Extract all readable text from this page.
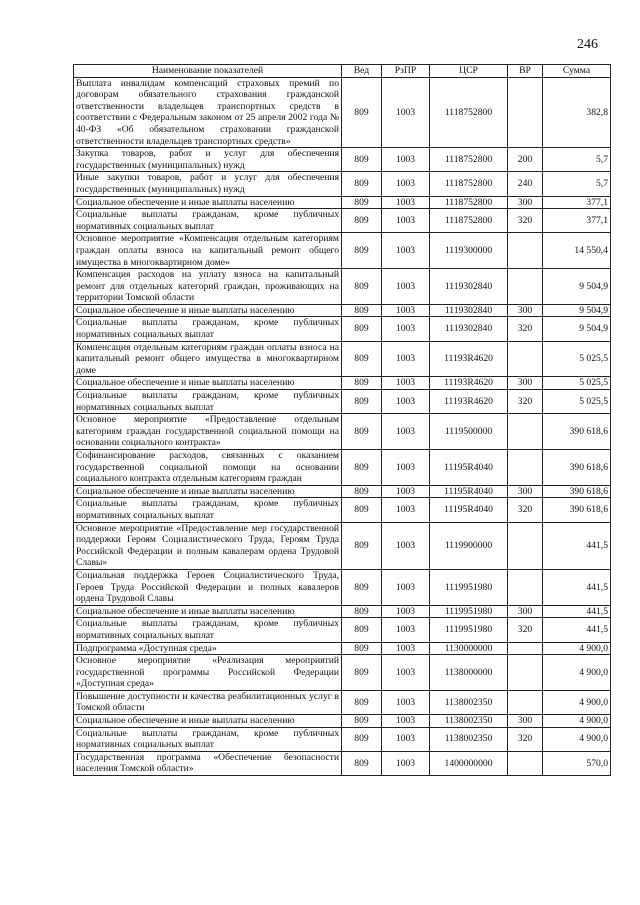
246
Наименование показателей	Вед	РзПР	ЦСР	ВР	Сумма
Выплата инвалидам компенсаций страховых премий по договорам обязательного страхования гражданской ответственности владельцев транспортных средств в соответствии с Федеральным законом от 25 апреля 2002 года № 40-ФЗ «Об обязательном страховании гражданской ответственности владельцев транспортных средств»	809	1003	1118752800		382,8
Закупка товаров, работ и услуг для обеспечения государственных (муниципальных) нужд	809	1003	1118752800	200	5,7
Иные закупки товаров, работ и услуг для обеспечения государственных (муниципальных) нужд	809	1003	1118752800	240	5,7
Социальное обеспечение и иные выплаты населению	809	1003	1118752800	300	377,1
Социальные выплаты гражданам, кроме публичных нормативных социальных выплат	809	1003	1118752800	320	377,1
Основное мероприятие «Компенсация отдельным категориям граждан оплаты взноса на капитальный ремонт общего имущества в многоквартирном доме»	809	1003	1119300000		14 550,4
Компенсация расходов на уплату взноса на капитальный ремонт для отдельных категорий граждан, проживающих на территории Томской области	809	1003	1119302840		9 504,9
Социальное обеспечение и иные выплаты населению	809	1003	1119302840	300	9 504,9
Социальные выплаты гражданам, кроме публичных нормативных социальных выплат	809	1003	1119302840	320	9 504,9
Компенсация отдельным категориям граждан оплаты взноса на капитальный ремонт общего имущества в многоквартирном доме	809	1003	11193R4620		5 025,5
Социальное обеспечение и иные выплаты населению	809	1003	11193R4620	300	5 025,5
Социальные выплаты гражданам, кроме публичных нормативных социальных выплат	809	1003	11193R4620	320	5 025,5
Основное мероприятие «Предоставление отдельным категориям граждан государственной социальной помощи на основании социального контракта»	809	1003	1119500000		390 618,6
Софинансирование расходов, связанных с оказанием государственной социальной помощи на основании социального контракта отдельным категориям граждан	809	1003	11195R4040		390 618,6
Социальное обеспечение и иные выплаты населению	809	1003	11195R4040	300	390 618,6
Социальные выплаты гражданам, кроме публичных нормативных социальных выплат	809	1003	11195R4040	320	390 618,6
Основное мероприятие «Предоставление мер государственной поддержки Героям Социалистического Труда, Героям Труда Российской Федерации и полным кавалерам ордена Трудовой Славы»	809	1003	1119900000		441,5
Социальная поддержка Героев Социалистического Труда, Героев Труда Российской Федерации и полных кавалеров ордена Трудовой Славы	809	1003	1119951980		441,5
Социальное обеспечение и иные выплаты населению	809	1003	1119951980	300	441,5
Социальные выплаты гражданам, кроме публичных нормативных социальных выплат	809	1003	1119951980	320	441,5
Подпрограмма «Доступная среда»	809	1003	1130000000		4 900,0
Основное мероприятие «Реализация мероприятий государственной программы Российской Федерации «Доступная среда»	809	1003	1138000000		4 900,0
Повышение доступности и качества реабилитационных услуг в Томской области	809	1003	1138002350		4 900,0
Социальное обеспечение и иные выплаты населению	809	1003	1138002350	300	4 900,0
Социальные выплаты гражданам, кроме публичных нормативных социальных выплат	809	1003	1138002350	320	4 900,0
Государственная программа «Обеспечение безопасности населения Томской области»	809	1003	1400000000		570,0
